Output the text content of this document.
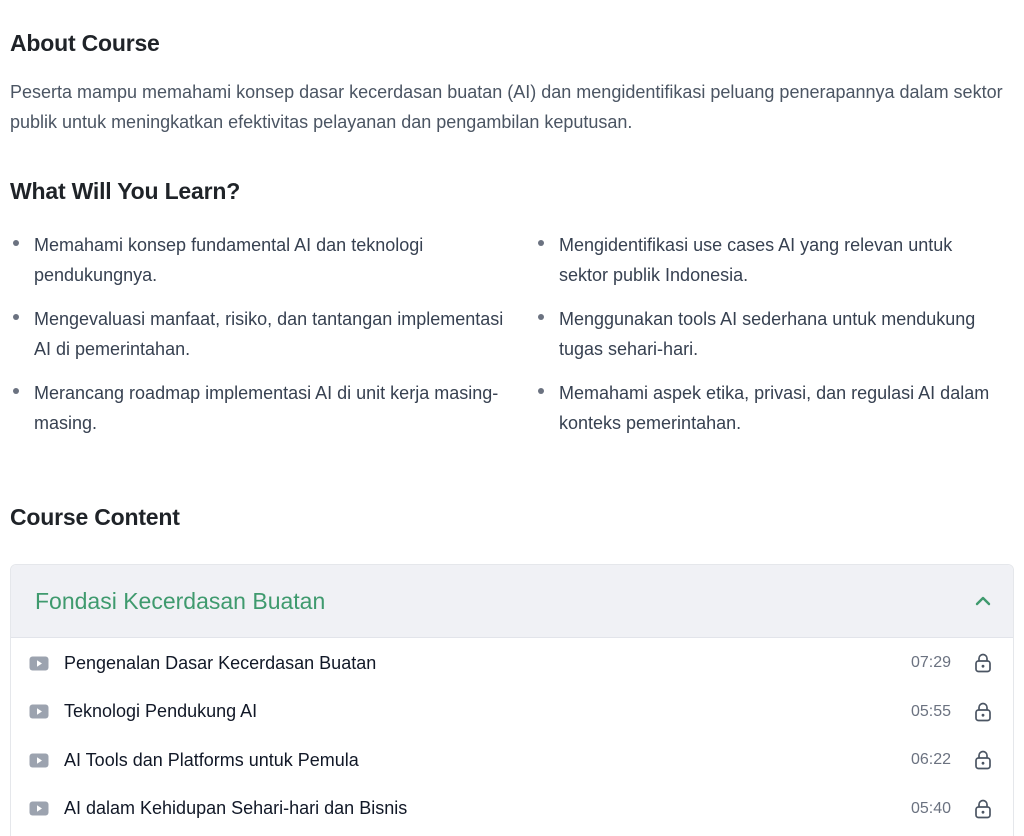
About Course

Peserta mampu memahami konsep dasar kecerdasan buatan (AI) dan mengidentifikasi peluang penerapannya dalam sektor publik untuk meningkatkan efektivitas pelayanan dan pengambilan keputusan.

What Will You Learn?
Memahami konsep fundamental AI dan teknologi pendukungnya.
Mengidentifikasi use cases AI yang relevan untuk sektor publik Indonesia.
Mengevaluasi manfaat, risiko, dan tantangan implementasi AI di pemerintahan.
Menggunakan tools AI sederhana untuk mendukung tugas sehari-hari.
Merancang roadmap implementasi AI di unit kerja masing-masing.
Memahami aspek etika, privasi, dan regulasi AI dalam konteks pemerintahan.
Course Content
Fondasi Kecerdasan Buatan
Pengenalan Dasar Kecerdasan Buatan	07:29
Teknologi Pendukung AI	05:55
AI Tools dan Platforms untuk Pemula	06:22
AI dalam Kehidupan Sehari-hari dan Bisnis	05:40
